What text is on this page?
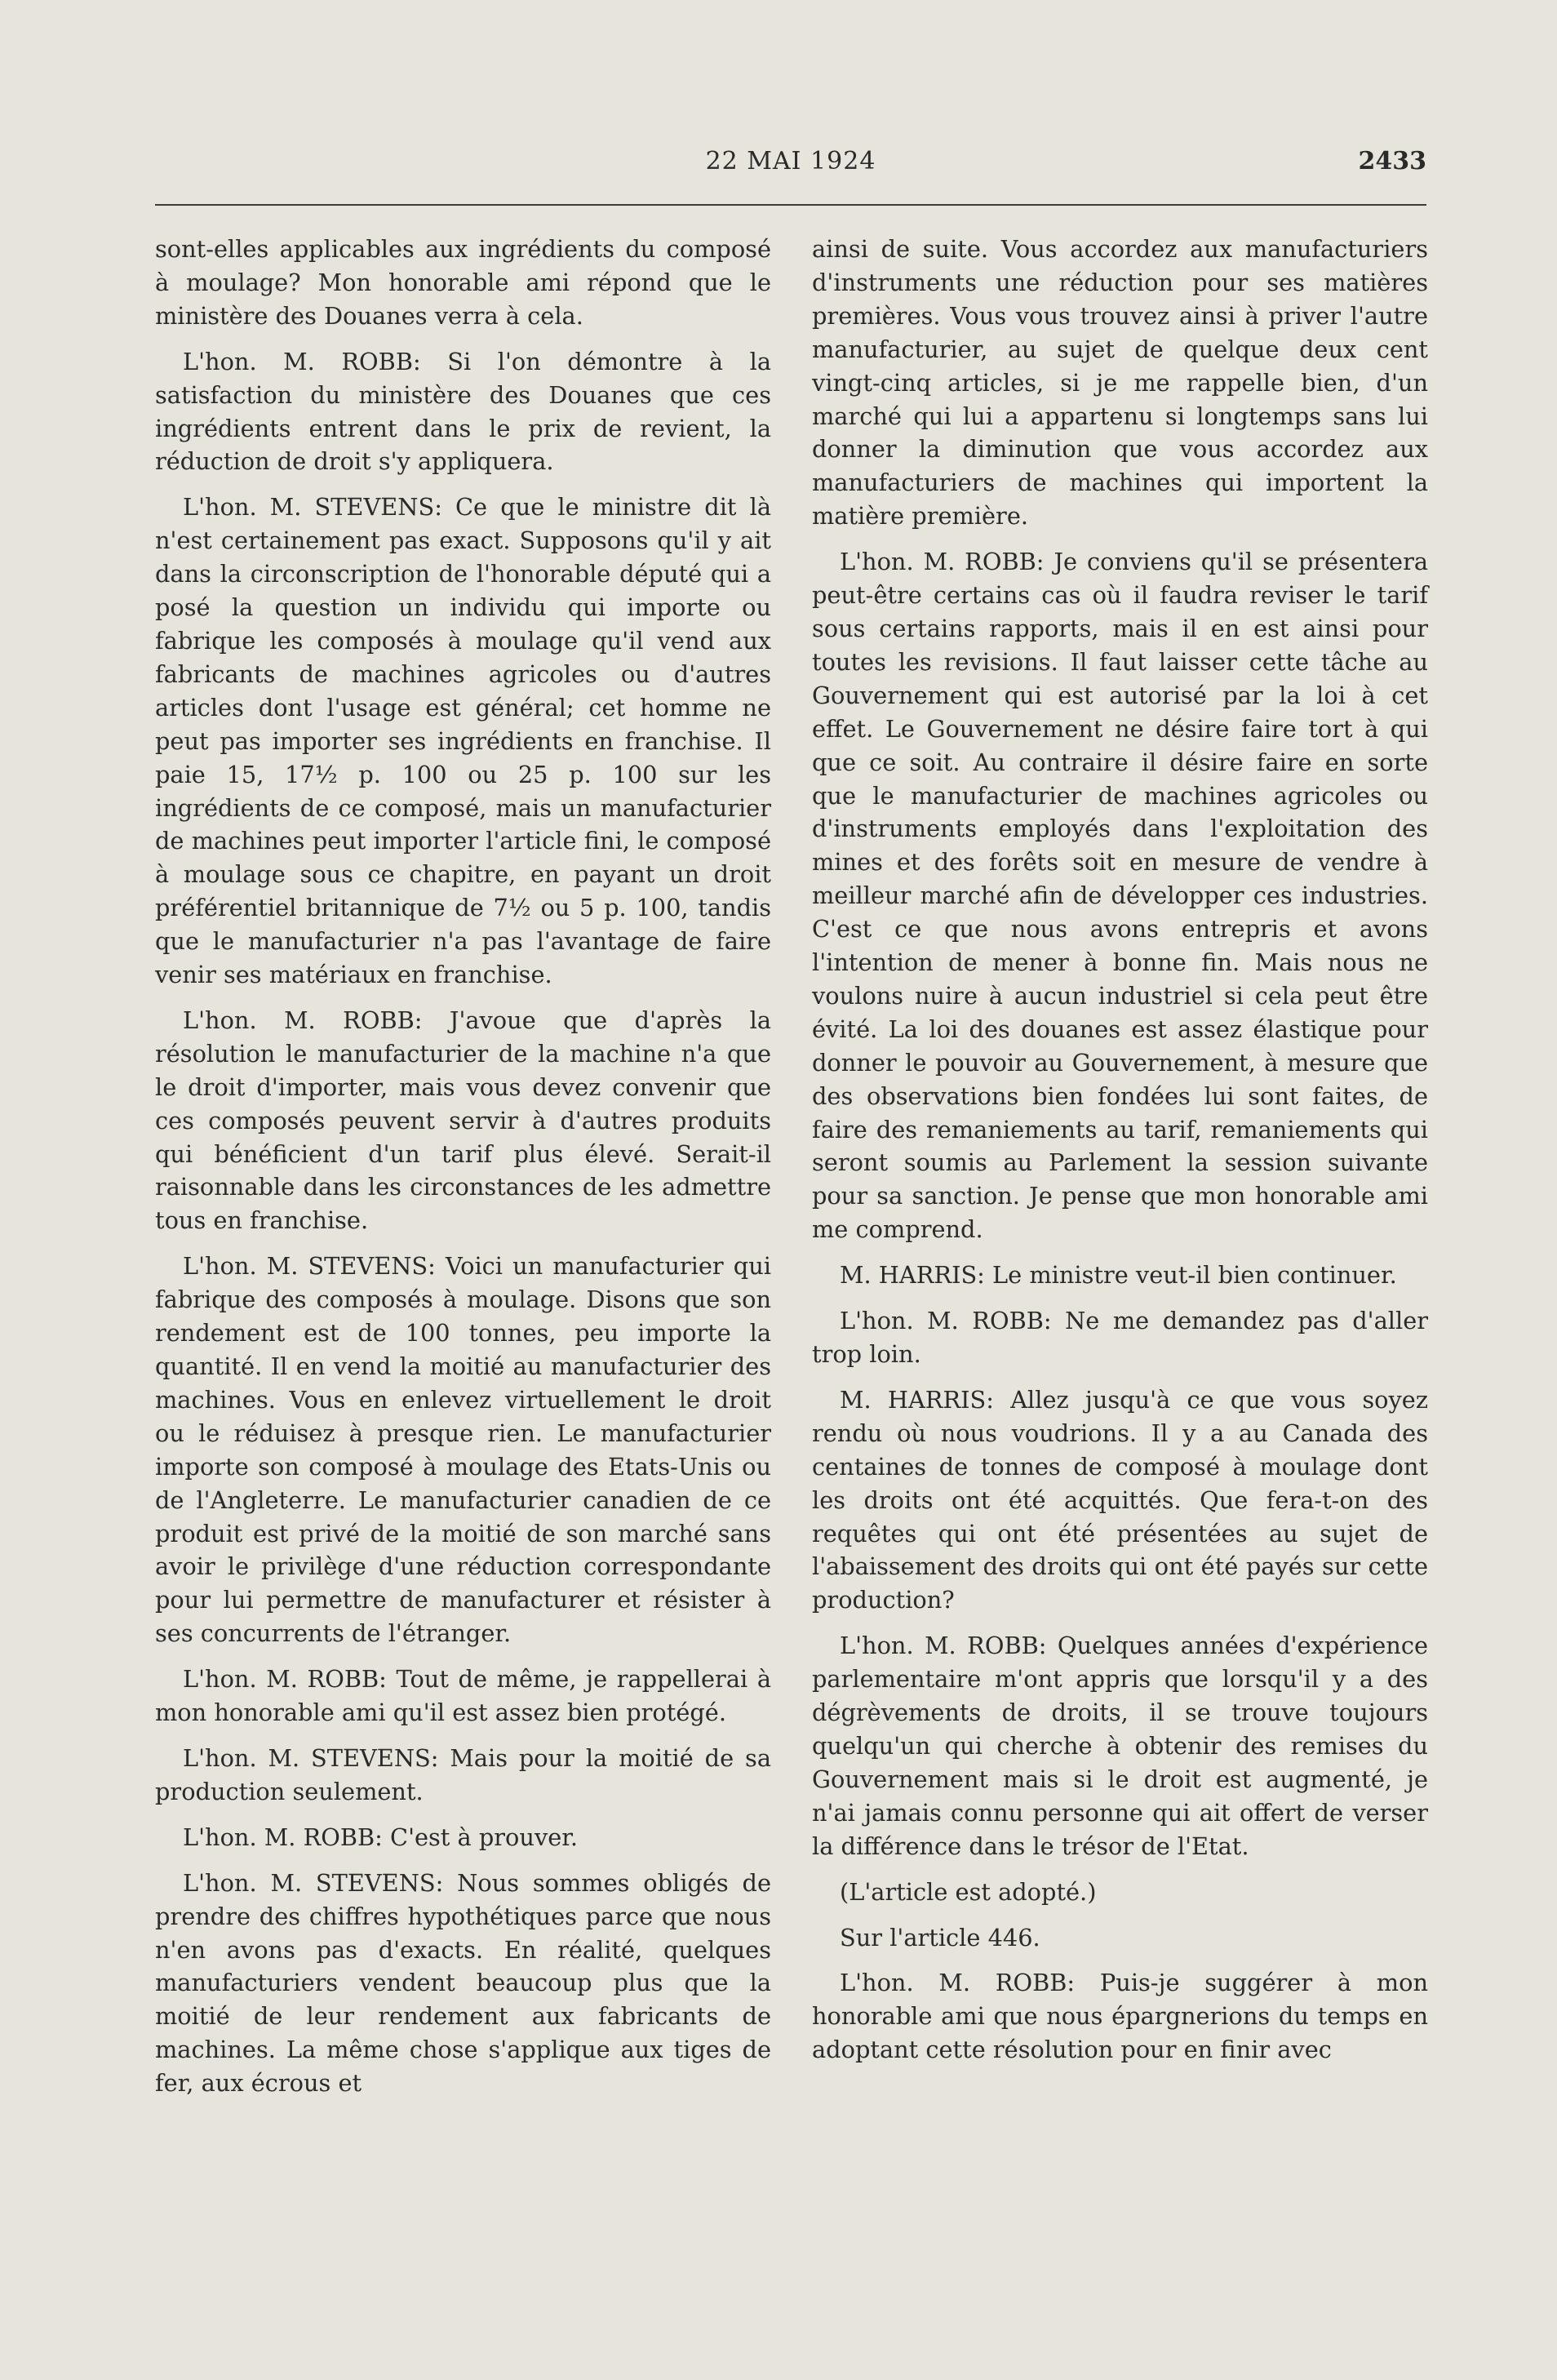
22 MAI 1924	2433

sont-elles applicables aux ingrédients du composé à moulage? Mon honorable ami répond que le ministère des Douanes verra à cela.

L'hon. M. ROBB: Si l'on démontre à la satisfaction du ministère des Douanes que ces ingrédients entrent dans le prix de revient, la réduction de droit s'y appliquera.

L'hon. M. STEVENS: Ce que le ministre dit là n'est certainement pas exact. Supposons qu'il y ait dans la circonscription de l'honorable député qui a posé la question un individu qui importe ou fabrique les composés à moulage qu'il vend aux fabricants de machines agricoles ou d'autres articles dont l'usage est général; cet homme ne peut pas importer ses ingrédients en franchise. Il paie 15, 17½ p. 100 ou 25 p. 100 sur les ingrédients de ce composé, mais un manufacturier de machines peut importer l'article fini, le composé à moulage sous ce chapitre, en payant un droit préférentiel britannique de 7½ ou 5 p. 100, tandis que le manufacturier n'a pas l'avantage de faire venir ses matériaux en franchise.

L'hon. M. ROBB: J'avoue que d'après la résolution le manufacturier de la machine n'a que le droit d'importer, mais vous devez convenir que ces composés peuvent servir à d'autres produits qui bénéficient d'un tarif plus élevé. Serait-il raisonnable dans les circonstances de les admettre tous en franchise.

L'hon. M. STEVENS: Voici un manufacturier qui fabrique des composés à moulage. Disons que son rendement est de 100 tonnes, peu importe la quantité. Il en vend la moitié au manufacturier des machines. Vous en enlevez virtuellement le droit ou le réduisez à presque rien. Le manufacturier importe son composé à moulage des Etats-Unis ou de l'Angleterre. Le manufacturier canadien de ce produit est privé de la moitié de son marché sans avoir le privilège d'une réduction correspondante pour lui permettre de manufacturer et résister à ses concurrents de l'étranger.

L'hon. M. ROBB: Tout de même, je rappellerai à mon honorable ami qu'il est assez bien protégé.

L'hon. M. STEVENS: Mais pour la moitié de sa production seulement.

L'hon. M. ROBB: C'est à prouver.

L'hon. M. STEVENS: Nous sommes obligés de prendre des chiffres hypothétiques parce que nous n'en avons pas d'exacts. En réalité, quelques manufacturiers vendent beaucoup plus que la moitié de leur rendement aux fabricants de machines. La même chose s'applique aux tiges de fer, aux écrous et

ainsi de suite. Vous accordez aux manufacturiers d'instruments une réduction pour ses matières premières. Vous vous trouvez ainsi à priver l'autre manufacturier, au sujet de quelque deux cent vingt-cinq articles, si je me rappelle bien, d'un marché qui lui a appartenu si longtemps sans lui donner la diminution que vous accordez aux manufacturiers de machines qui importent la matière première.

L'hon. M. ROBB: Je conviens qu'il se présentera peut-être certains cas où il faudra reviser le tarif sous certains rapports, mais il en est ainsi pour toutes les revisions. Il faut laisser cette tâche au Gouvernement qui est autorisé par la loi à cet effet. Le Gouvernement ne désire faire tort à qui que ce soit. Au contraire il désire faire en sorte que le manufacturier de machines agricoles ou d'instruments employés dans l'exploitation des mines et des forêts soit en mesure de vendre à meilleur marché afin de développer ces industries. C'est ce que nous avons entrepris et avons l'intention de mener à bonne fin. Mais nous ne voulons nuire à aucun industriel si cela peut être évité. La loi des douanes est assez élastique pour donner le pouvoir au Gouvernement, à mesure que des observations bien fondées lui sont faites, de faire des remaniements au tarif, remaniements qui seront soumis au Parlement la session suivante pour sa sanction. Je pense que mon honorable ami me comprend.

M. HARRIS: Le ministre veut-il bien continuer.

L'hon. M. ROBB: Ne me demandez pas d'aller trop loin.

M. HARRIS: Allez jusqu'à ce que vous soyez rendu où nous voudrions. Il y a au Canada des centaines de tonnes de composé à moulage dont les droits ont été acquittés. Que fera-t-on des requêtes qui ont été présentées au sujet de l'abaissement des droits qui ont été payés sur cette production?

L'hon. M. ROBB: Quelques années d'expérience parlementaire m'ont appris que lorsqu'il y a des dégrèvements de droits, il se trouve toujours quelqu'un qui cherche à obtenir des remises du Gouvernement mais si le droit est augmenté, je n'ai jamais connu personne qui ait offert de verser la différence dans le trésor de l'Etat.

(L'article est adopté.)

Sur l'article 446.

L'hon. M. ROBB: Puis-je suggérer à mon honorable ami que nous épargnerions du temps en adoptant cette résolution pour en finir avec
